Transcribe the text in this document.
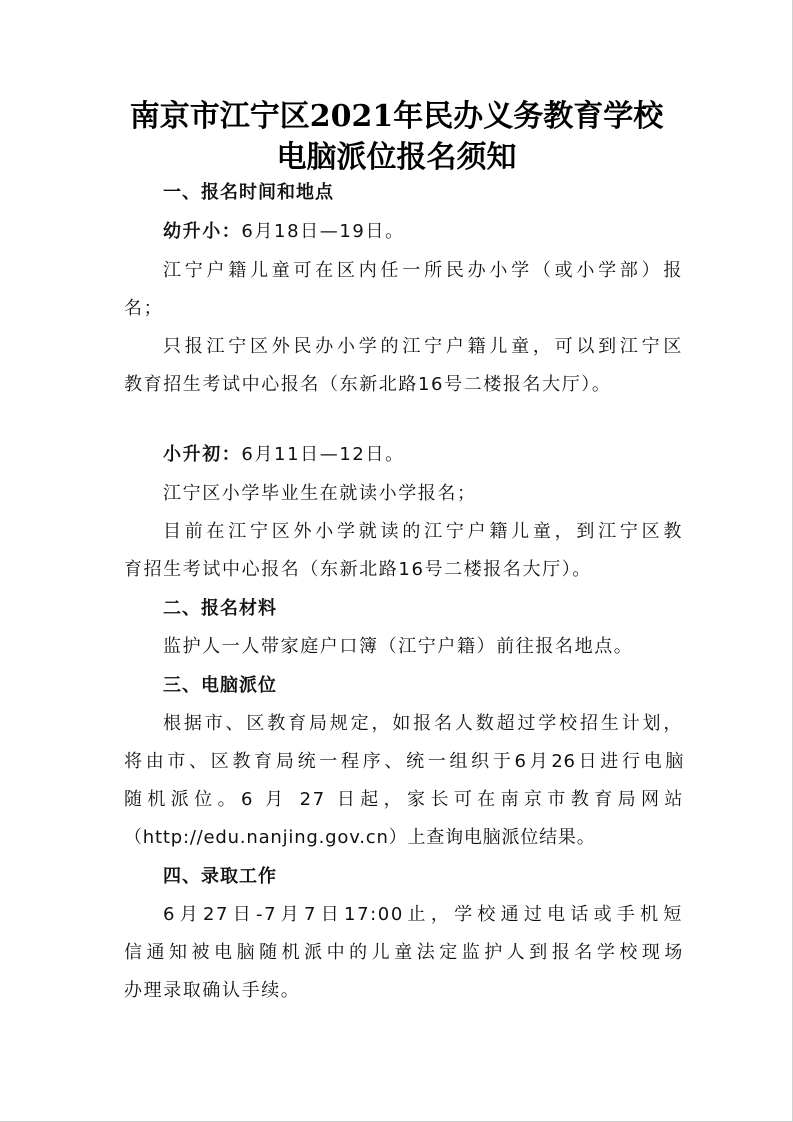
南京市江宁区2021年民办义务教育学校
电脑派位报名须知

一、报名时间和地点

幼升小：6月18日—19日。

江宁户籍儿童可在区内任一所民办小学（或小学部）报

名；

只报江宁区外民办小学的江宁户籍儿童，可以到江宁区

教育招生考试中心报名（东新北路16号二楼报名大厅）。

小升初：6月11日—12日。

江宁区小学毕业生在就读小学报名；

目前在江宁区外小学就读的江宁户籍儿童，到江宁区教

育招生考试中心报名（东新北路16号二楼报名大厅）。

二、报名材料

监护人一人带家庭户口簿（江宁户籍）前往报名地点。

三、电脑派位

根据市、区教育局规定，如报名人数超过学校招生计划，

将由市、区教育局统一程序、统一组织于6月26日进行电脑

随机派位。6 月 27 日起，家长可在南京市教育局网站

（http://edu.nanjing.gov.cn）上查询电脑派位结果。

四、录取工作

6月27日-7月7日17:00止，学校通过电话或手机短

信通知被电脑随机派中的儿童法定监护人到报名学校现场

办理录取确认手续。
